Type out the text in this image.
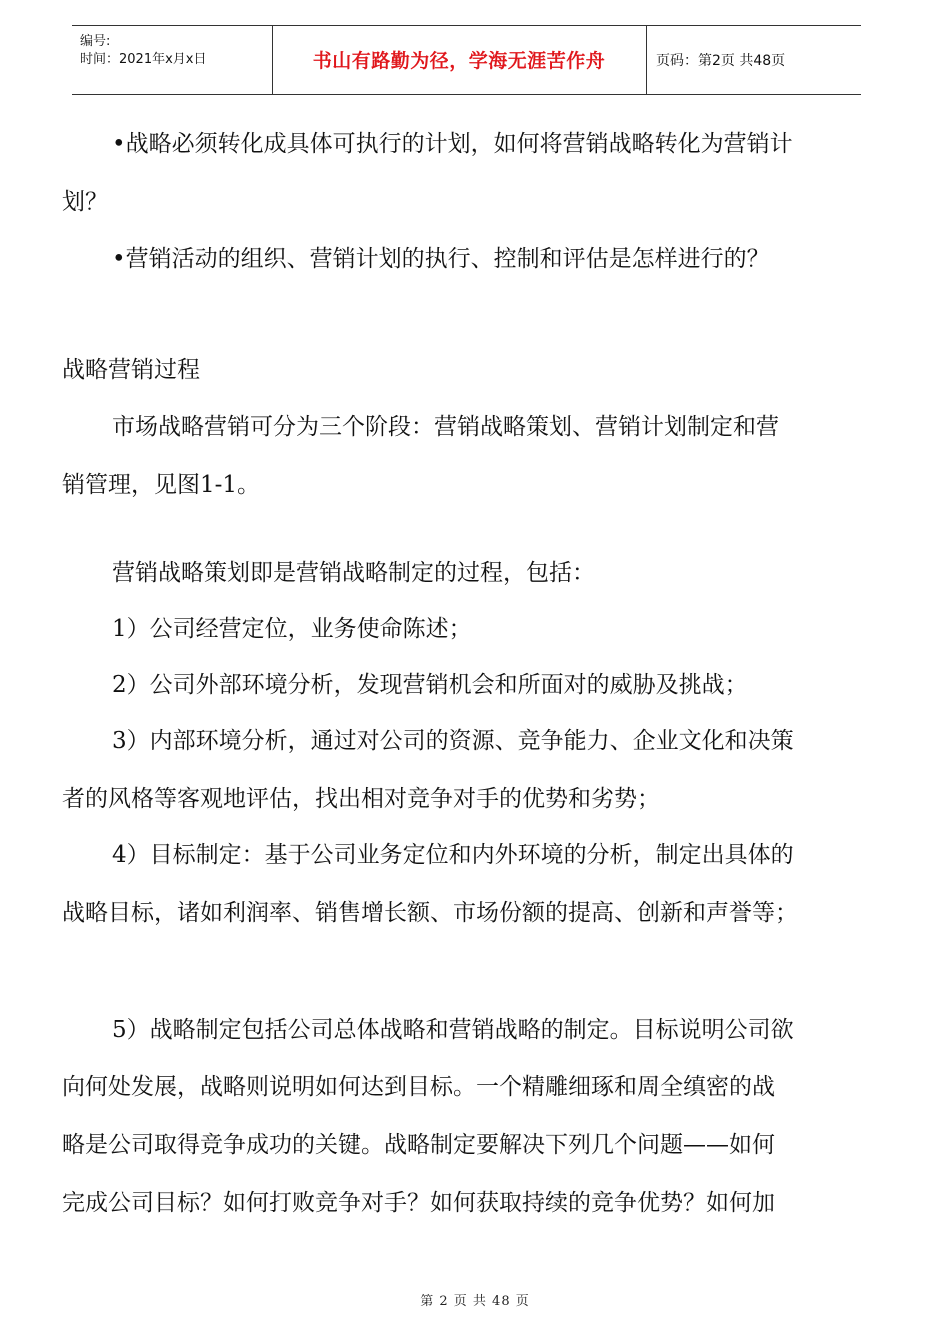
编号:
时间：2021年x月x日	书山有路勤为径，学海无涯苦作舟	页码：第2页 共48页
•战略必须转化成具体可执行的计划，如何将营销战略转化为营销计
划？
•营销活动的组织、营销计划的执行、控制和评估是怎样进行的？
战略营销过程
市场战略营销可分为三个阶段：营销战略策划、营销计划制定和营
销管理，见图1-1。
营销战略策划即是营销战略制定的过程，包括：
1）公司经营定位，业务使命陈述；
2）公司外部环境分析，发现营销机会和所面对的威胁及挑战；
3）内部环境分析，通过对公司的资源、竞争能力、企业文化和决策
者的风格等客观地评估，找出相对竞争对手的优势和劣势；
4）目标制定：基于公司业务定位和内外环境的分析，制定出具体的
战略目标，诸如利润率、销售增长额、市场份额的提高、创新和声誉等；
5）战略制定包括公司总体战略和营销战略的制定。目标说明公司欲
向何处发展，战略则说明如何达到目标。一个精雕细琢和周全缜密的战
略是公司取得竞争成功的关键。战略制定要解决下列几个问题——如何
完成公司目标？如何打败竞争对手？如何获取持续的竞争优势？如何加
第 2 页 共 48 页
